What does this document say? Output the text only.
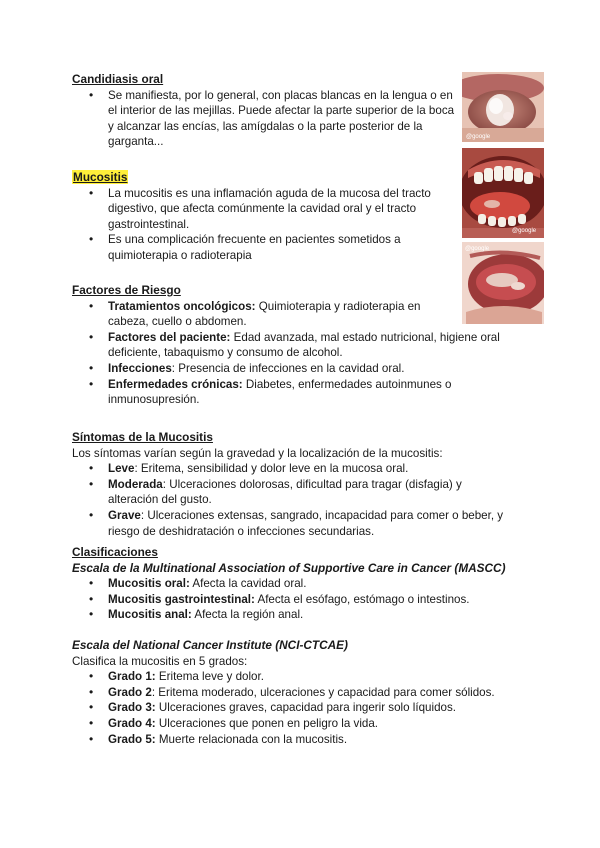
Candidiasis oral
• Se manifiesta, por lo general, con placas blancas en la lengua o en el interior de las mejillas. Puede afectar la parte superior de la boca y alcanzar las encías, las amígdalas o la parte posterior de la garganta...
Mucositis
• La mucositis es una inflamación aguda de la mucosa del tracto digestivo, que afecta comúnmente la cavidad oral y el tracto gastrointestinal.
• Es una complicación frecuente en pacientes sometidos a quimioterapia o radioterapia
Factores de Riesgo
• Tratamientos oncológicos: Quimioterapia y radioterapia en cabeza, cuello o abdomen.
• Factores del paciente: Edad avanzada, mal estado nutricional, higiene oral deficiente, tabaquismo y consumo de alcohol.
• Infecciones: Presencia de infecciones en la cavidad oral.
• Enfermedades crónicas: Diabetes, enfermedades autoinmunes o inmunosupresión.
Síntomas de la Mucositis
Los síntomas varían según la gravedad y la localización de la mucositis:
• Leve: Eritema, sensibilidad y dolor leve en la mucosa oral.
• Moderada: Ulceraciones dolorosas, dificultad para tragar (disfagia) y alteración del gusto.
• Grave: Ulceraciones extensas, sangrado, incapacidad para comer o beber, y riesgo de deshidratación o infecciones secundarias.
Clasificaciones
Escala de la Multinational Association of Supportive Care in Cancer (MASCC)
• Mucositis oral: Afecta la cavidad oral.
• Mucositis gastrointestinal: Afecta el esófago, estómago o intestinos.
• Mucositis anal: Afecta la región anal.
Escala del National Cancer Institute (NCI-CTCAE)
Clasifica la mucositis en 5 grados:
• Grado 1: Eritema leve y dolor.
• Grado 2: Eritema moderado, ulceraciones y capacidad para comer sólidos.
• Grado 3: Ulceraciones graves, capacidad para ingerir solo líquidos.
• Grado 4: Ulceraciones que ponen en peligro la vida.
• Grado 5: Muerte relacionada con la mucositis.
@google
@google
@google
